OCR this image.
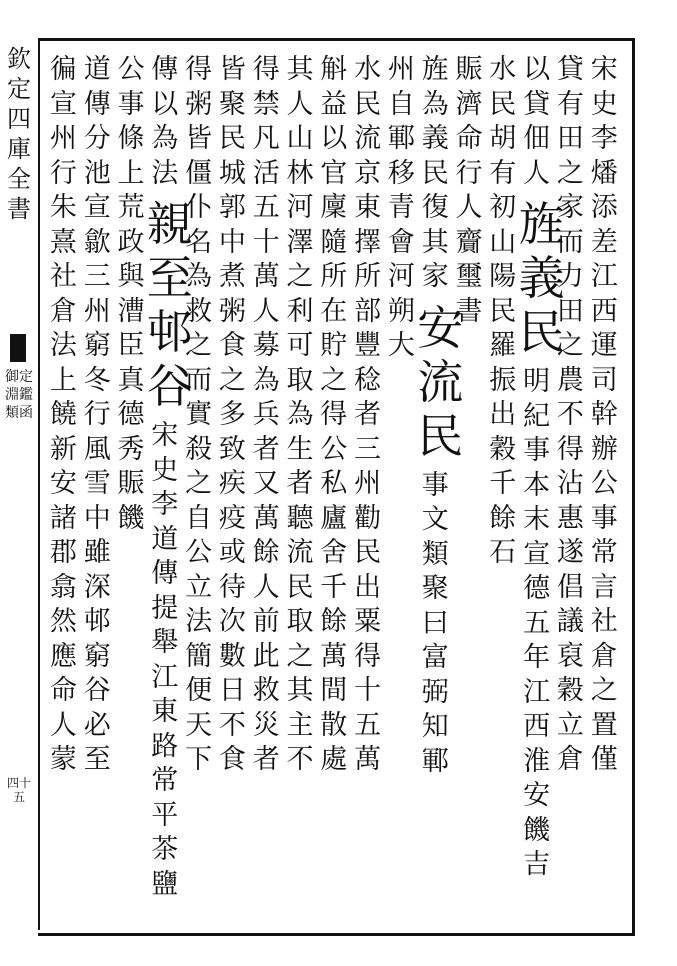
欽定四庫全書
御定淵鑑類函
四十五
宋史李燔添差江西運司幹辦公事常言社倉之置僅
貸有田之家而力田之農不得沾惠遂倡議裒穀立倉
以貸佃人
旌義民
明紀事本末宣德五年江西淮安饑吉
水民胡有初山陽民羅振出穀千餘石
賑濟命行人齎璽書
旌為義民復其家
安流民
事文類聚曰富弼知鄆
州自鄆移青會河朔大
水民流京東擇所部豐稔者三州勸民出粟得十五萬
斛益以官廩隨所在貯之得公私廬舍千餘萬間散處
其人山林河澤之利可取為生者聽流民取之其主不
得禁凡活五十萬人募為兵者又萬餘人前此救災者
皆聚民城郭中煮粥食之多致疾疫或待次數日不食
得粥皆僵仆名為救之而實殺之自公立法簡便天下
傳以為法
親至邨谷
宋史李道傳提舉江東路常平茶鹽
公事條上荒政與漕臣真德秀賑饑
道傳分池宣歙三州窮冬行風雪中雖深邨窮谷必至
徧宣州行朱熹社倉法上饒新安諸郡翕然應命人蒙
